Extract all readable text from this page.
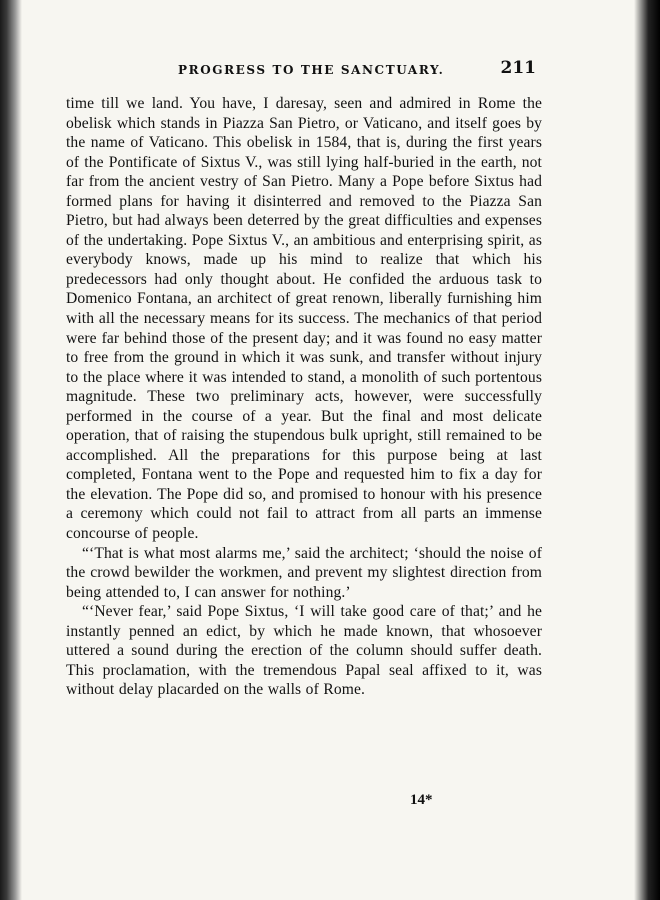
PROGRESS TO THE SANCTUARY.	211

time till we land. You have, I daresay, seen and admired in Rome the obelisk which stands in Piazza San Pietro, or Vaticano, and itself goes by the name of Vaticano. This obelisk in 1584, that is, during the first years of the Pontificate of Sixtus V., was still lying half-buried in the earth, not far from the ancient vestry of San Pietro. Many a Pope before Sixtus had formed plans for having it disinterred and removed to the Piazza San Pietro, but had always been deterred by the great difficulties and expenses of the undertaking. Pope Sixtus V., an ambitious and enterprising spirit, as everybody knows, made up his mind to realize that which his predecessors had only thought about. He confided the arduous task to Domenico Fontana, an architect of great renown, liberally furnishing him with all the necessary means for its success. The mechanics of that period were far behind those of the present day; and it was found no easy matter to free from the ground in which it was sunk, and transfer without injury to the place where it was intended to stand, a monolith of such portentous magnitude. These two preliminary acts, however, were successfully performed in the course of a year. But the final and most delicate operation, that of raising the stupendous bulk upright, still remained to be accomplished. All the preparations for this purpose being at last completed, Fontana went to the Pope and requested him to fix a day for the elevation. The Pope did so, and promised to honour with his presence a ceremony which could not fail to attract from all parts an immense concourse of people.

“‘That is what most alarms me,’ said the architect; ‘should the noise of the crowd bewilder the workmen, and prevent my slightest direction from being attended to, I can answer for nothing.’

“‘Never fear,’ said Pope Sixtus, ‘I will take good care of that;’ and he instantly penned an edict, by which he made known, that whosoever uttered a sound during the erection of the column should suffer death. This proclamation, with the tremendous Papal seal affixed to it, was without delay placarded on the walls of Rome.

14*
